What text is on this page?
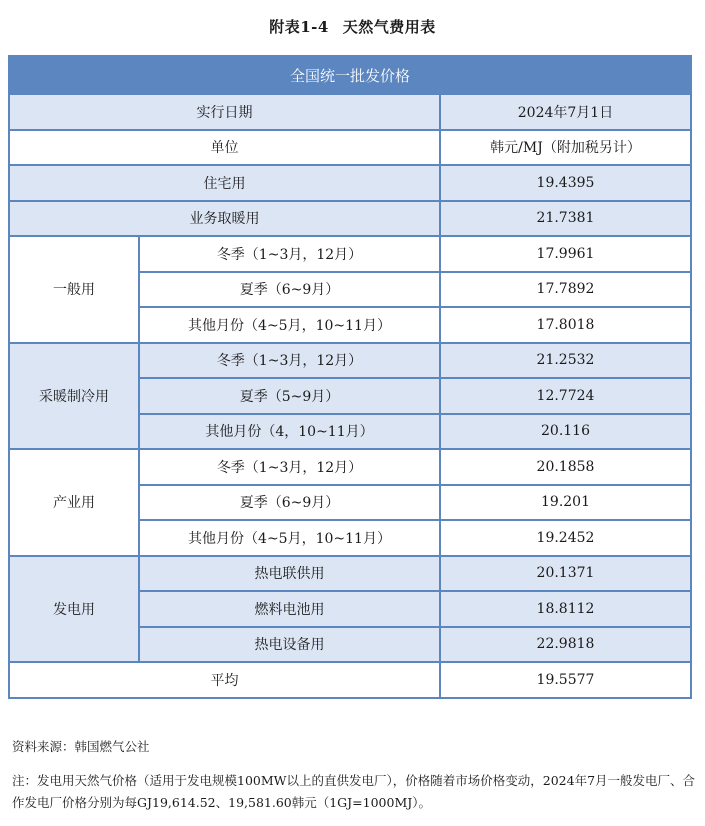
附表1-4 天然气费用表
全国统一批发价格		
实行日期		2024年7月1日
单位		韩元/MJ（附加税另计）
住宅用		19.4395
业务取暖用		21.7381
一般用	冬季（1~3月，12月）	17.9961
	夏季（6~9月）	17.7892
	其他月份（4~5月，10~11月）	17.8018
采暖制冷用	冬季（1~3月，12月）	21.2532
	夏季（5~9月）	12.7724
	其他月份（4，10~11月）	20.116
产业用	冬季（1~3月，12月）	20.1858
	夏季（6~9月）	19.201
	其他月份（4~5月，10~11月）	19.2452
发电用	热电联供用	20.1371
	燃料电池用	18.8112
	热电设备用	22.9818
平均		19.5577
资料来源：韩国燃气公社
注：发电用天然气价格（适用于发电规模100MW以上的直供发电厂），价格随着市场价格变动，2024年7月一般发电厂、合作发电厂价格分别为每GJ19,614.52、19,581.60韩元（1GJ=1000MJ）。
